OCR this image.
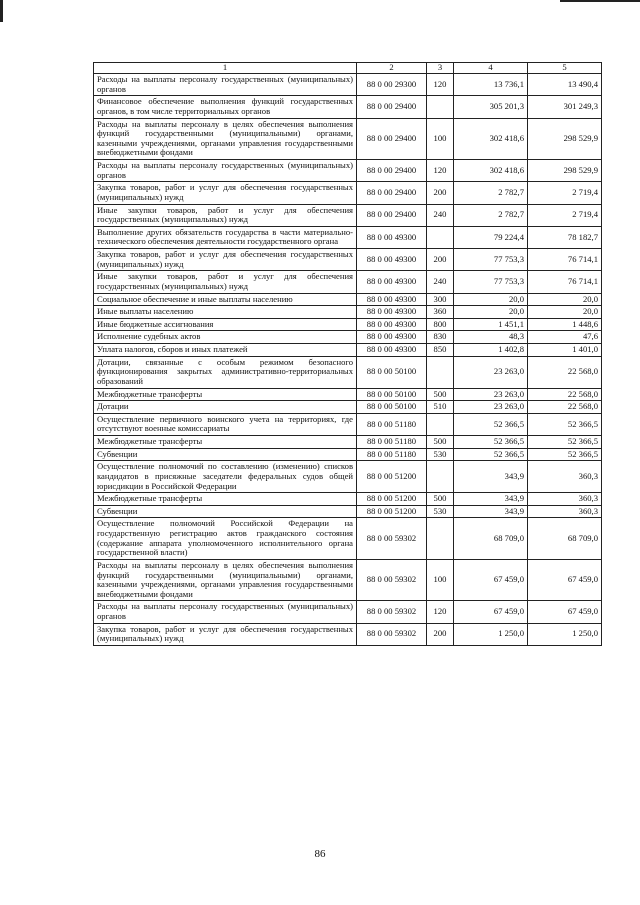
1	2	3	4	5
Расходы на выплаты персоналу государственных (муниципальных) органов	88 0 00 29300	120	13 736,1	13 490,4
Финансовое обеспечение выполнения функций государственных органов, в том числе территориальных органов	88 0 00 29400		305 201,3	301 249,3
Расходы на выплаты персоналу в целях обеспечения выполнения функций государственными (муниципальными) органами, казенными учреждениями, органами управления государственными внебюджетными фондами	88 0 00 29400	100	302 418,6	298 529,9
Расходы на выплаты персоналу государственных (муниципальных) органов	88 0 00 29400	120	302 418,6	298 529,9
Закупка товаров, работ и услуг для обеспечения государственных (муниципальных) нужд	88 0 00 29400	200	2 782,7	2 719,4
Иные закупки товаров, работ и услуг для обеспечения государственных (муниципальных) нужд	88 0 00 29400	240	2 782,7	2 719,4
Выполнение других обязательств государства в части материально-технического обеспечения деятельности государственного органа	88 0 00 49300		79 224,4	78 182,7
Закупка товаров, работ и услуг для обеспечения государственных (муниципальных) нужд	88 0 00 49300	200	77 753,3	76 714,1
Иные закупки товаров, работ и услуг для обеспечения государственных (муниципальных) нужд	88 0 00 49300	240	77 753,3	76 714,1
Социальное обеспечение и иные выплаты населению	88 0 00 49300	300	20,0	20,0
Иные выплаты населению	88 0 00 49300	360	20,0	20,0
Иные бюджетные ассигнования	88 0 00 49300	800	1 451,1	1 448,6
Исполнение судебных актов	88 0 00 49300	830	48,3	47,6
Уплата налогов, сборов и иных платежей	88 0 00 49300	850	1 402,8	1 401,0
Дотации, связанные с особым режимом безопасного функционирования закрытых административно-территориальных образований	88 0 00 50100		23 263,0	22 568,0
Межбюджетные трансферты	88 0 00 50100	500	23 263,0	22 568,0
Дотации	88 0 00 50100	510	23 263,0	22 568,0
Осуществление первичного воинского учета на территориях, где отсутствуют военные комиссариаты	88 0 00 51180		52 366,5	52 366,5
Межбюджетные трансферты	88 0 00 51180	500	52 366,5	52 366,5
Субвенции	88 0 00 51180	530	52 366,5	52 366,5
Осуществление полномочий по составлению (изменению) списков кандидатов в присяжные заседатели федеральных судов общей юрисдикции в Российской Федерации	88 0 00 51200		343,9	360,3
Межбюджетные трансферты	88 0 00 51200	500	343,9	360,3
Субвенции	88 0 00 51200	530	343,9	360,3
Осуществление полномочий Российской Федерации на государственную регистрацию актов гражданского состояния (содержание аппарата уполномоченного исполнительного органа государственной власти)	88 0 00 59302		68 709,0	68 709,0
Расходы на выплаты персоналу в целях обеспечения выполнения функций государственными (муниципальными) органами, казенными учреждениями, органами управления государственными внебюджетными фондами	88 0 00 59302	100	67 459,0	67 459,0
Расходы на выплаты персоналу государственных (муниципальных) органов	88 0 00 59302	120	67 459,0	67 459,0
Закупка товаров, работ и услуг для обеспечения государственных (муниципальных) нужд	88 0 00 59302	200	1 250,0	1 250,0
86
